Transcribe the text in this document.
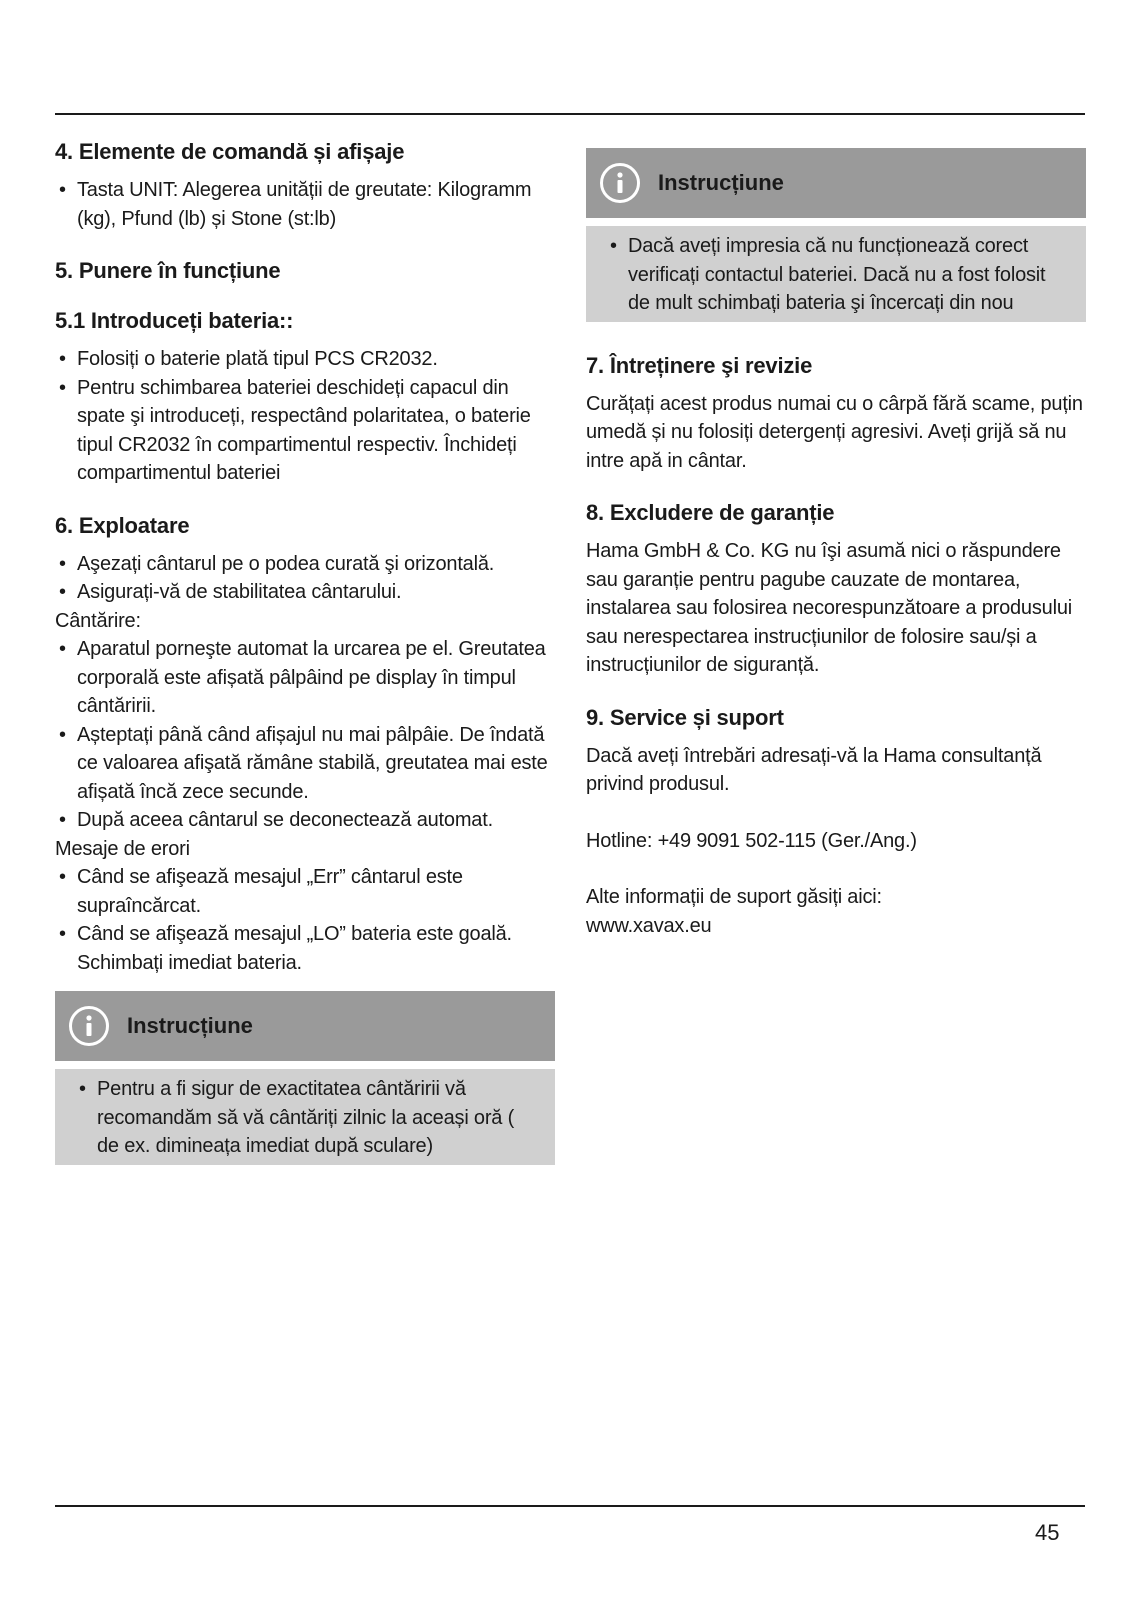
4. Elemente de comandă și afișaje
• Tasta UNIT: Alegerea unității de greutate: Kilogramm (kg), Pfund (lb) și Stone (st:lb)
5. Punere în funcțiune
5.1 Introduceți bateria::
• Folosiți o baterie plată tipul PCS CR2032.
• Pentru schimbarea bateriei deschideți capacul din spate şi introduceți, respectând polaritatea, o baterie tipul CR2032 în compartimentul respectiv. Închideți compartimentul bateriei
6. Exploatare
• Aşezați cântarul pe o podea curată şi orizontală.
• Asigurați-vă de stabilitatea cântarului.

Cântărire:

• Aparatul porneşte automat la urcarea pe el. Greutatea corporală este afișată pâlpâind pe display în timpul cântăririi.
• Așteptați până când afișajul nu mai pâlpâie. De îndată ce valoarea afişată rămâne stabilă, greutatea mai este afișată încă zece secunde.
• După aceea cântarul se deconectează automat.

Mesaje de erori

• Când se afişează mesajul „Err” cântarul este supraîncărcat.
• Când se afişează mesajul „LO” bateria este goală. Schimbați imediat bateria.
Instrucțiune
• Pentru a fi sigur de exactitatea cântăririi vă recomandăm să vă cântăriți zilnic la aceași oră ( de ex. dimineața imediat după sculare)
Instrucțiune
• Dacă aveți impresia că nu funcționează corect verificați contactul bateriei. Dacă nu a fost folosit de mult schimbați bateria şi încercați din nou
7. Întreținere şi revizie

Curățați acest produs numai cu o cârpă fără scame, puțin umedă și nu folosiți detergenți agresivi. Aveți grijă să nu intre apă in cântar.

8. Excludere de garanție

Hama GmbH & Co. KG nu îşi asumă nici o răspundere sau garanție pentru pagube cauzate de montarea, instalarea sau folosirea necorespunzătoare a produsului sau nerespectarea instrucțiunilor de folosire sau/și a instrucțiunilor de siguranță.

9. Service și suport

Dacă aveți întrebări adresați-vă la Hama consultanță privind produsul.

Hotline: +49 9091 502-115 (Ger./Ang.)

Alte informații de suport găsiți aici:

www.xavax.eu

45
